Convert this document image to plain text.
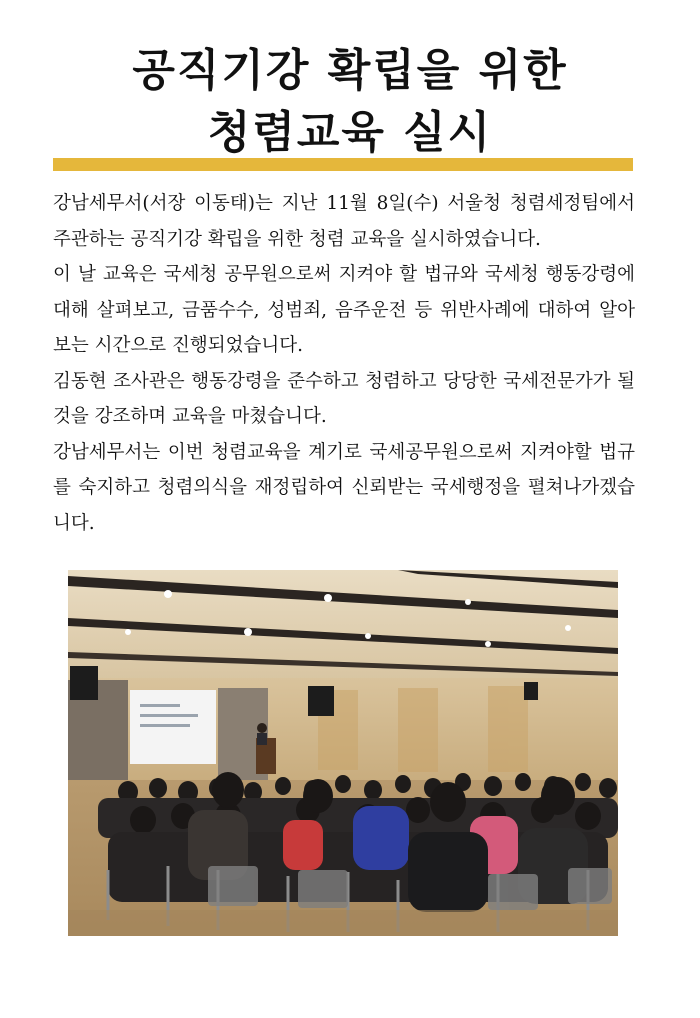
공직기강 확립을 위한
청렴교육 실시

강남세무서(서장 이동태)는 지난 11월 8일(수) 서울청 청렴세정팀에서 주관하는 공직기강 확립을 위한 청렴 교육을 실시하였습니다.

이 날 교육은 국세청 공무원으로써 지켜야 할 법규와 국세청 행동강령에 대해 살펴보고, 금품수수, 성범죄, 음주운전 등 위반사례에 대하여 알아보는 시간으로 진행되었습니다.

김동현 조사관은 행동강령을 준수하고 청렴하고 당당한 국세전문가가 될 것을 강조하며 교육을 마쳤습니다.

강남세무서는 이번 청렴교육을 계기로 국세공무원으로써 지켜야할 법규를 숙지하고 청렴의식을 재정립하여 신뢰받는 국세행정을 펼쳐나가겠습니다.
